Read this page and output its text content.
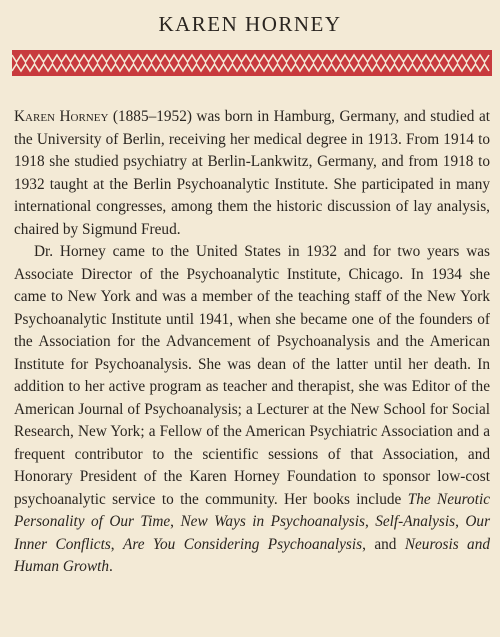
KAREN HORNEY

Karen Horney (1885–1952) was born in Hamburg, Germany, and studied at the University of Berlin, receiving her medical degree in 1913. From 1914 to 1918 she studied psychiatry at Berlin-Lankwitz, Germany, and from 1918 to 1932 taught at the Berlin Psychoanalytic Institute. She participated in many international congresses, among them the historic discussion of lay analysis, chaired by Sigmund Freud.

Dr. Horney came to the United States in 1932 and for two years was Associate Director of the Psychoanalytic Institute, Chicago. In 1934 she came to New York and was a member of the teaching staff of the New York Psychoanalytic Institute until 1941, when she became one of the founders of the Association for the Advancement of Psychoanalysis and the American Institute for Psychoanalysis. She was dean of the latter until her death. In addition to her active program as teacher and therapist, she was Editor of the American Journal of Psychoanalysis; a Lecturer at the New School for Social Research, New York; a Fellow of the American Psychiatric Association and a frequent contributor to the scientific sessions of that Association, and Honorary President of the Karen Horney Foundation to sponsor low-cost psychoanalytic service to the community. Her books include The Neurotic Personality of Our Time, New Ways in Psychoanalysis, Self-Analysis, Our Inner Conflicts, Are You Considering Psychoanalysis, and Neurosis and Human Growth.
